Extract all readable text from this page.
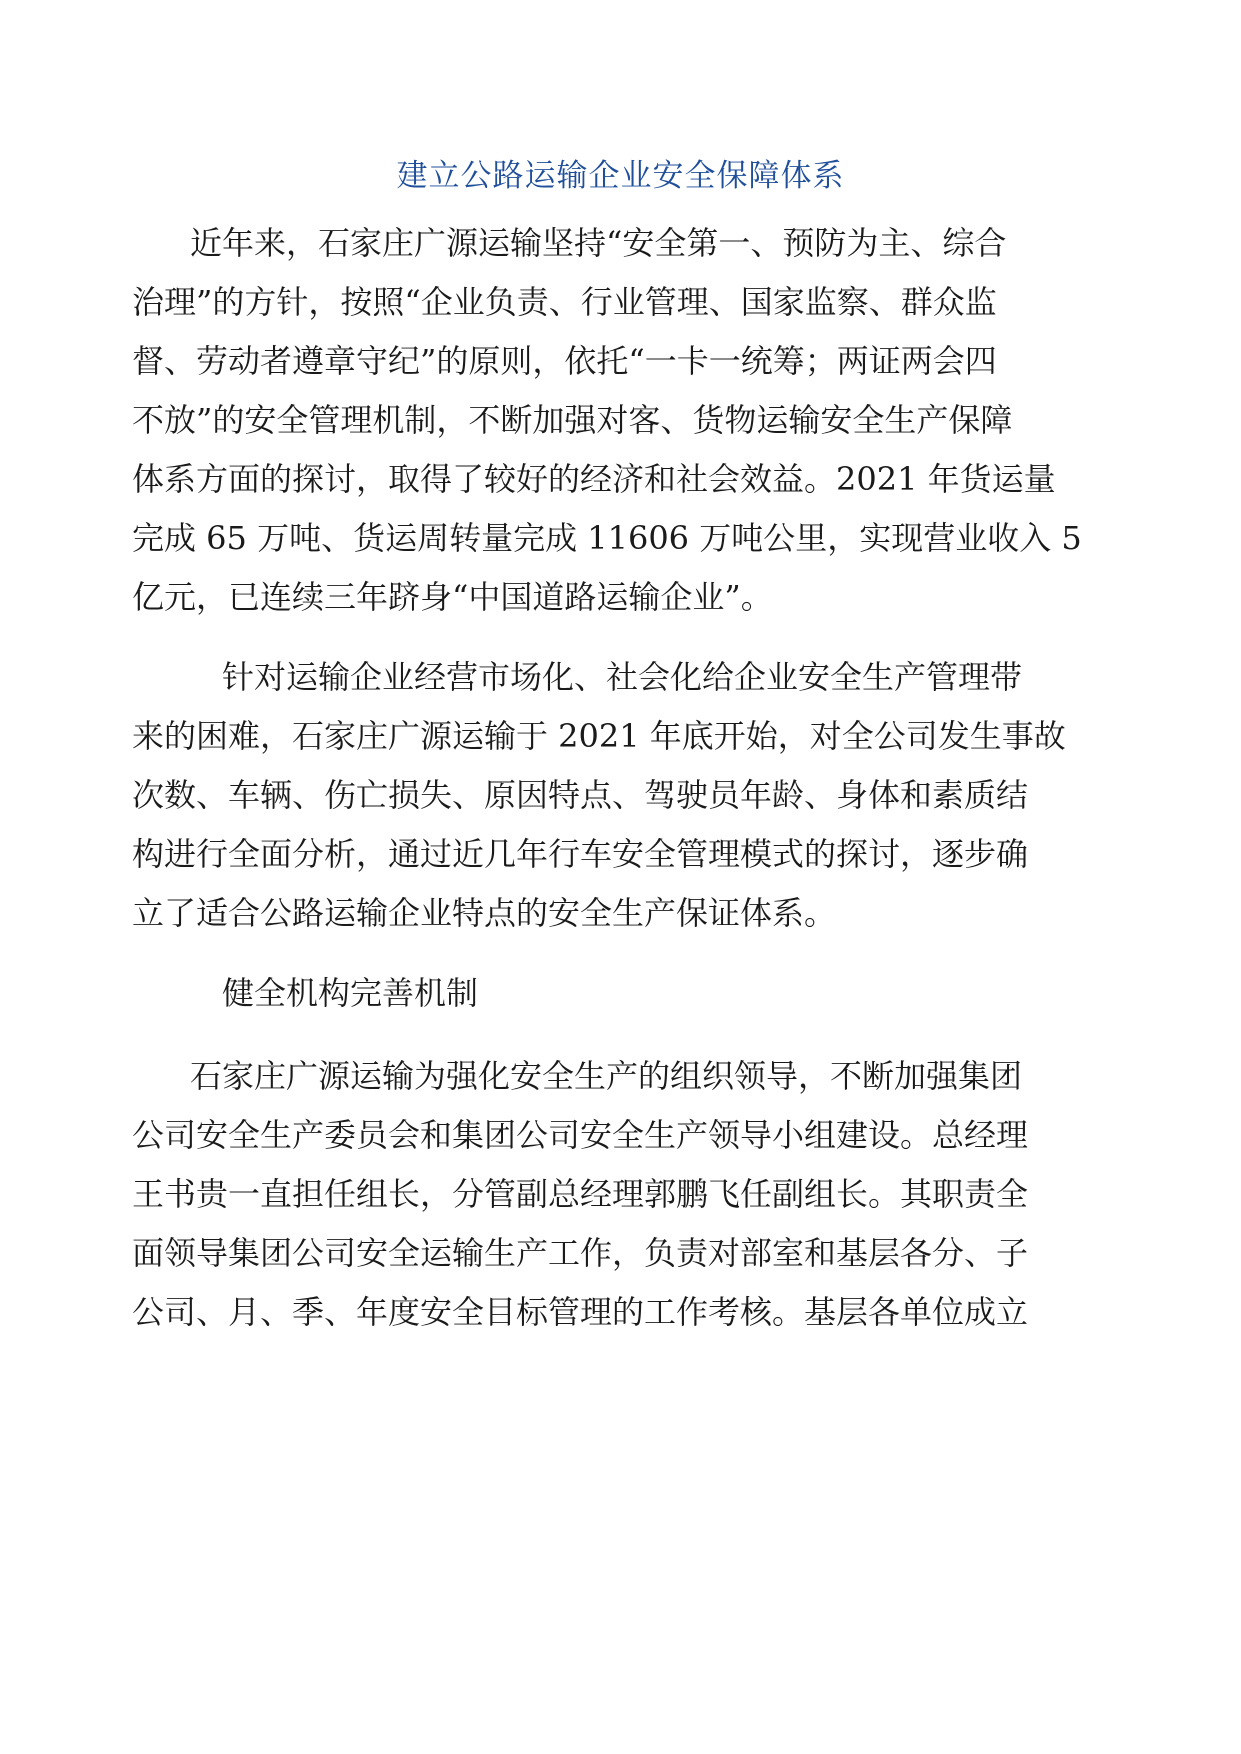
建立公路运输企业安全保障体系
近年来，石家庄广源运输坚持“安全第一、预防为主、综合
治理”的方针，按照“企业负责、行业管理、国家监察、群众监
督、劳动者遵章守纪”的原则，依托“一卡一统筹；两证两会四
不放”的安全管理机制，不断加强对客、货物运输安全生产保障
体系方面的探讨，取得了较好的经济和社会效益。2021 年货运量
完成 65 万吨、货运周转量完成 11606 万吨公里，实现营业收入 5
亿元，已连续三年跻身“中国道路运输企业”。
针对运输企业经营市场化、社会化给企业安全生产管理带
来的困难，石家庄广源运输于 2021 年底开始，对全公司发生事故
次数、车辆、伤亡损失、原因特点、驾驶员年龄、身体和素质结
构进行全面分析，通过近几年行车安全管理模式的探讨，逐步确
立了适合公路运输企业特点的安全生产保证体系。
健全机构完善机制
石家庄广源运输为强化安全生产的组织领导，不断加强集团
公司安全生产委员会和集团公司安全生产领导小组建设。总经理
王书贵一直担任组长，分管副总经理郭鹏飞任副组长。其职责全
面领导集团公司安全运输生产工作，负责对部室和基层各分、子
公司、月、季、年度安全目标管理的工作考核。基层各单位成立
